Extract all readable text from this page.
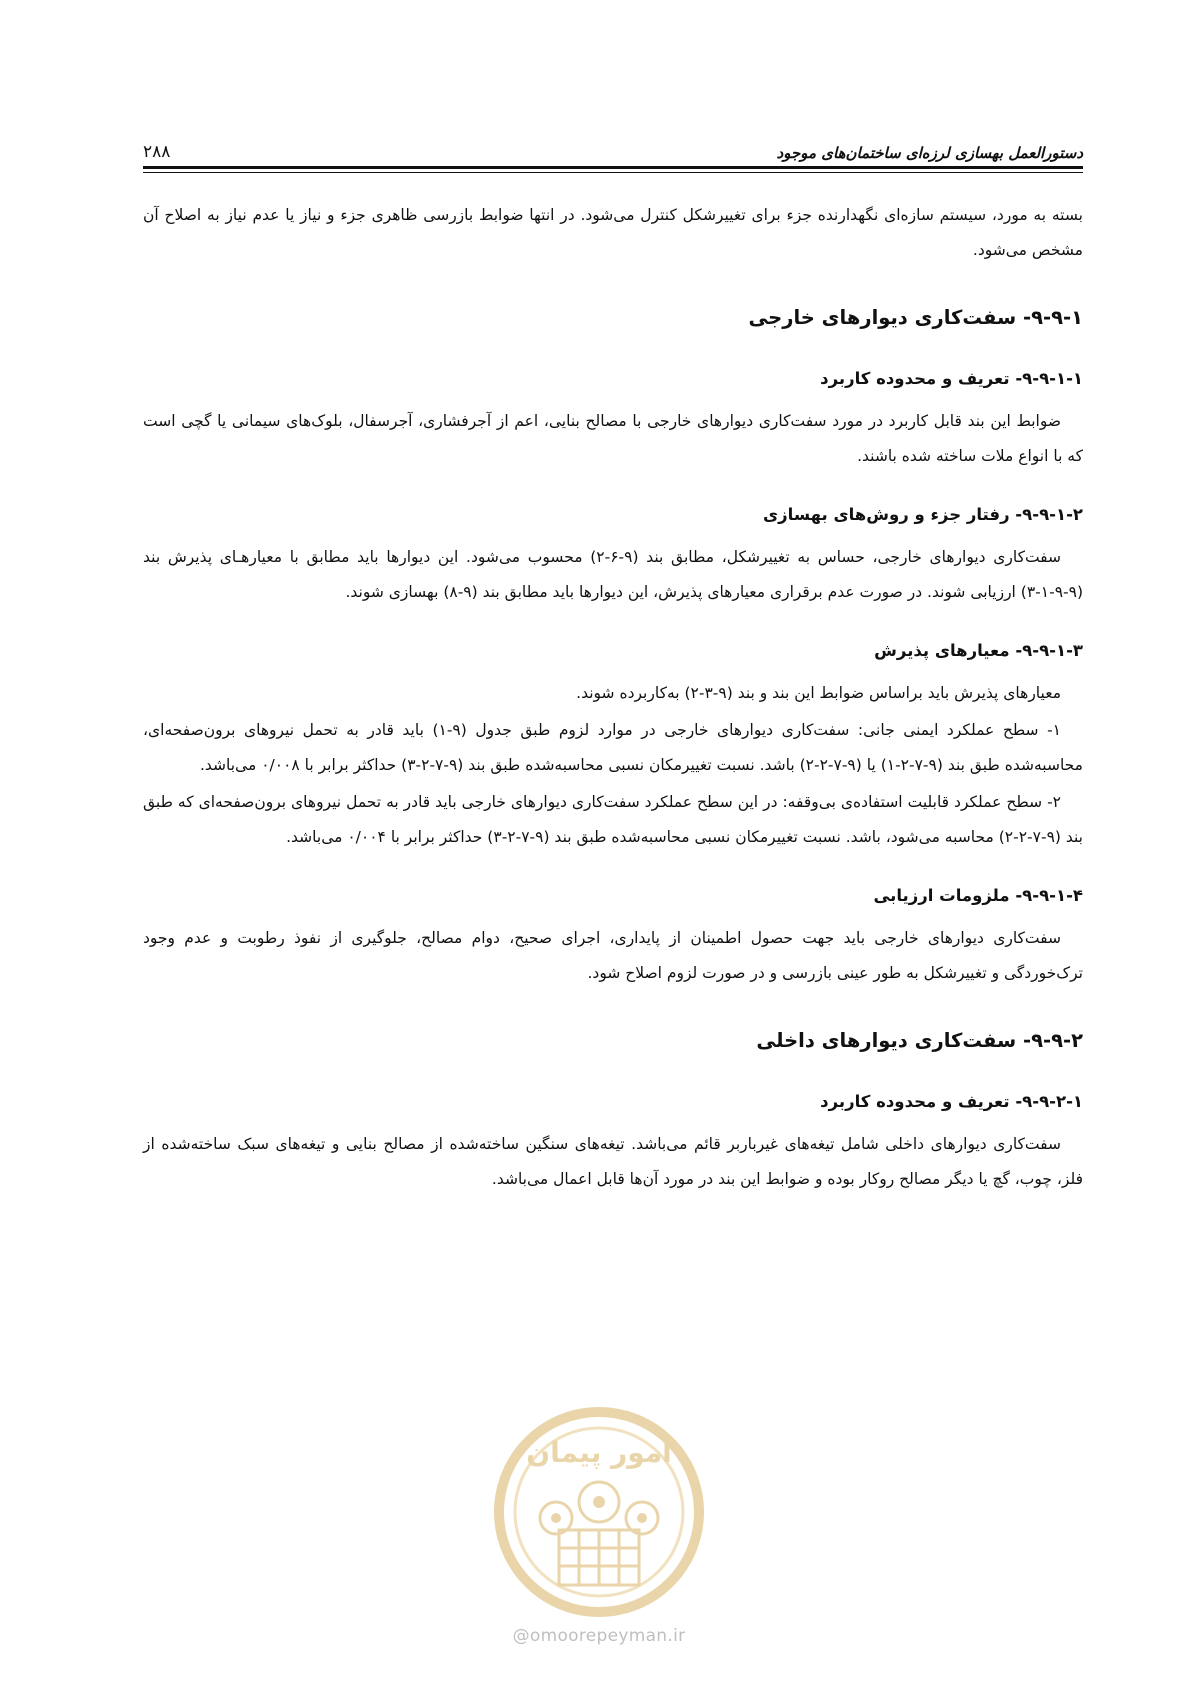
۲۸۸	دستورالعمل بهسازی لرزه‌ای ساختمان‌های موجود

بسته به مورد، سیستم سازه‌ای نگهدارنده جزء برای تغییرشکل کنترل می‌شود. در انتها ضوابط بازرسی ظاهری جزء و نیاز یا عدم نیاز به اصلاح آن مشخص می‌شود.

۹-۹-۱- سفت‌کاری دیوارهای خارجی

۹-۹-۱-۱- تعریف و محدوده کاربرد

ضوابط این بند قابل کاربرد در مورد سفت‌کاری دیوارهای خارجی با مصالح بنایی، اعم از آجرفشاری، آجرسفال، بلوک‌های سیمانی یا گچی است که با انواع ملات ساخته شده باشند.

۹-۹-۱-۲- رفتار جزء و روش‌های بهسازی

سفت‌کاری دیوارهای خارجی، حساس به تغییرشکل، مطابق بند (۹-۶-۲) محسوب می‌شود. این دیوارها باید مطابق با معیارهـای پذیرش بند (۹-۹-۱-۳) ارزیابی شوند. در صورت عدم برقراری معیارهای پذیرش، این دیوارها باید مطابق بند (۹-۸) بهسازی شوند.

۹-۹-۱-۳- معیارهای پذیرش

معیارهای پذیرش باید براساس ضوابط این بند و بند (۹-۳-۲) به‌کاربرده شوند.

۱- سطح عملکرد ایمنی جانی: سفت‌کاری دیوارهای خارجی در موارد لزوم طبق جدول (۹-۱) باید قادر به تحمل نیروهای برون‌صفحه‌ای، محاسبه‌شده طبق بند (۹-۷-۲-۱) یا (۹-۷-۲-۲) باشد. نسبت تغییرمکان نسبی محاسبه‌شده طبق بند (۹-۷-۲-۳) حداکثر برابر با ۰/۰۰۸ می‌باشد.

۲- سطح عملکرد قابلیت استفاده‌ی بی‌وقفه: در این سطح عملکرد سفت‌کاری دیوارهای خارجی باید قادر به تحمل نیروهای برون‌صفحه‌ای که طبق بند (۹-۷-۲-۲) محاسبه می‌شود، باشد. نسبت تغییرمکان نسبی محاسبه‌شده طبق بند (۹-۷-۲-۳) حداکثر برابر با ۰/۰۰۴ می‌باشد.

۹-۹-۱-۴- ملزومات ارزیابی

سفت‌کاری دیوارهای خارجی باید جهت حصول اطمینان از پایداری، اجرای صحیح، دوام مصالح، جلوگیری از نفوذ رطوبت و عدم وجود ترک‌خوردگی و تغییرشکل به طور عینی بازرسی و در صورت لزوم اصلاح شود.

۹-۹-۲- سفت‌کاری دیوارهای داخلی

۹-۹-۲-۱- تعریف و محدوده کاربرد

سفت‌کاری دیوارهای داخلی شامل تیغه‌های غیرباربر قائم می‌باشد. تیغه‌های سنگین ساخته‌شده از مصالح بنایی و تیغه‌های سبک ساخته‌شده از فلز، چوب، گچ یا دیگر مصالح روکار بوده و ضوابط این بند در مورد آن‌ها قابل اعمال می‌باشد.

امور پیمان
@omoorepeyman.ir
